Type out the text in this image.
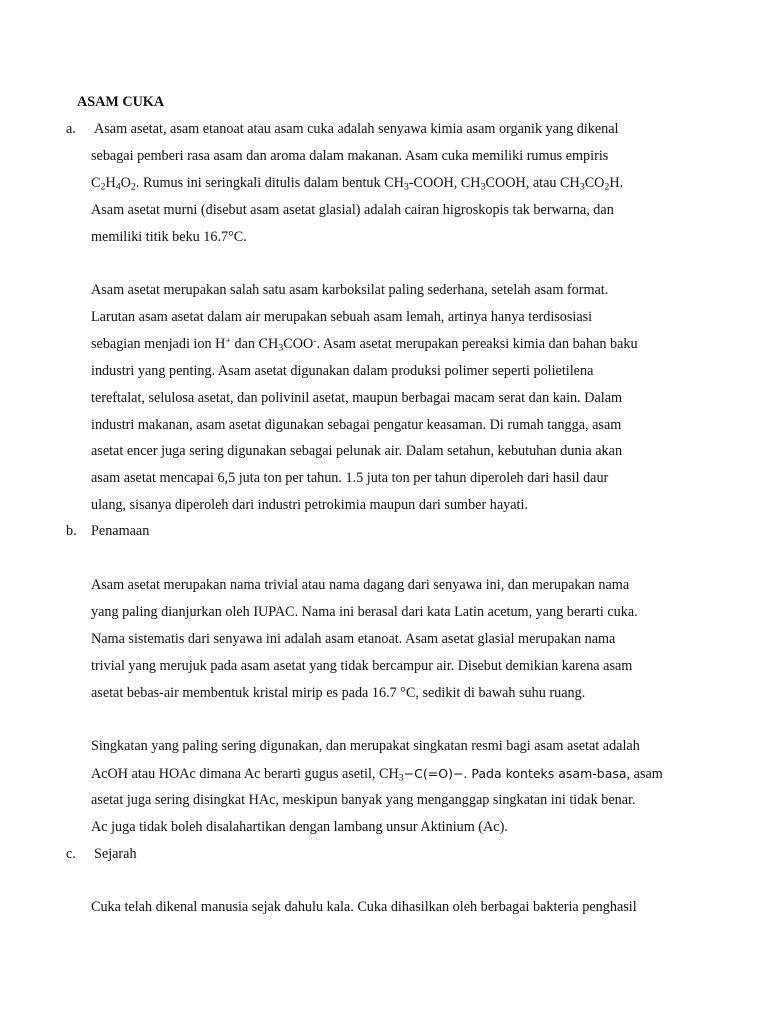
ASAM CUKA
a. Asam asetat, asam etanoat atau asam cuka adalah senyawa kimia asam organik yang dikenal
sebagai pemberi rasa asam dan aroma dalam makanan. Asam cuka memiliki rumus empiris
$C_2H_4O_2$. Rumus ini seringkali ditulis dalam bentuk $CH_3$-COOH, $CH_3COOH$, atau $CH_3CO_2H$.
Asam asetat murni (disebut asam asetat glasial) adalah cairan higroskopis tak berwarna, dan
memiliki titik beku 16.7°C.
Asam asetat merupakan salah satu asam karboksilat paling sederhana, setelah asam format.
Larutan asam asetat dalam air merupakan sebuah asam lemah, artinya hanya terdisosiasi
sebagian menjadi ion H+ dan $CH_3COO^-$. Asam asetat merupakan pereaksi kimia dan bahan baku
industri yang penting. Asam asetat digunakan dalam produksi polimer seperti polietilena
tereftalat, selulosa asetat, dan polivinil asetat, maupun berbagai macam serat dan kain. Dalam
industri makanan, asam asetat digunakan sebagai pengatur keasaman. Di rumah tangga, asam
asetat encer juga sering digunakan sebagai pelunak air. Dalam setahun, kebutuhan dunia akan
asam asetat mencapai 6,5 juta ton per tahun. 1.5 juta ton per tahun diperoleh dari hasil daur
ulang, sisanya diperoleh dari industri petrokimia maupun dari sumber hayati.
b. Penamaan
Asam asetat merupakan nama trivial atau nama dagang dari senyawa ini, dan merupakan nama
yang paling dianjurkan oleh IUPAC. Nama ini berasal dari kata Latin acetum, yang berarti cuka.
Nama sistematis dari senyawa ini adalah asam etanoat. Asam asetat glasial merupakan nama
trivial yang merujuk pada asam asetat yang tidak bercampur air. Disebut demikian karena asam
asetat bebas-air membentuk kristal mirip es pada 16.7 °C, sedikit di bawah suhu ruang.
Singkatan yang paling sering digunakan, dan merupakat singkatan resmi bagi asam asetat adalah
AcOH atau HOAc dimana Ac berarti gugus asetil, $CH_3-C(=O)-$. Pada konteks asam-basa, asam
asetat juga sering disingkat HAc, meskipun banyak yang menganggap singkatan ini tidak benar.
Ac juga tidak boleh disalahartikan dengan lambang unsur Aktinium (Ac).
c. Sejarah
Cuka telah dikenal manusia sejak dahulu kala. Cuka dihasilkan oleh berbagai bakteria penghasil
